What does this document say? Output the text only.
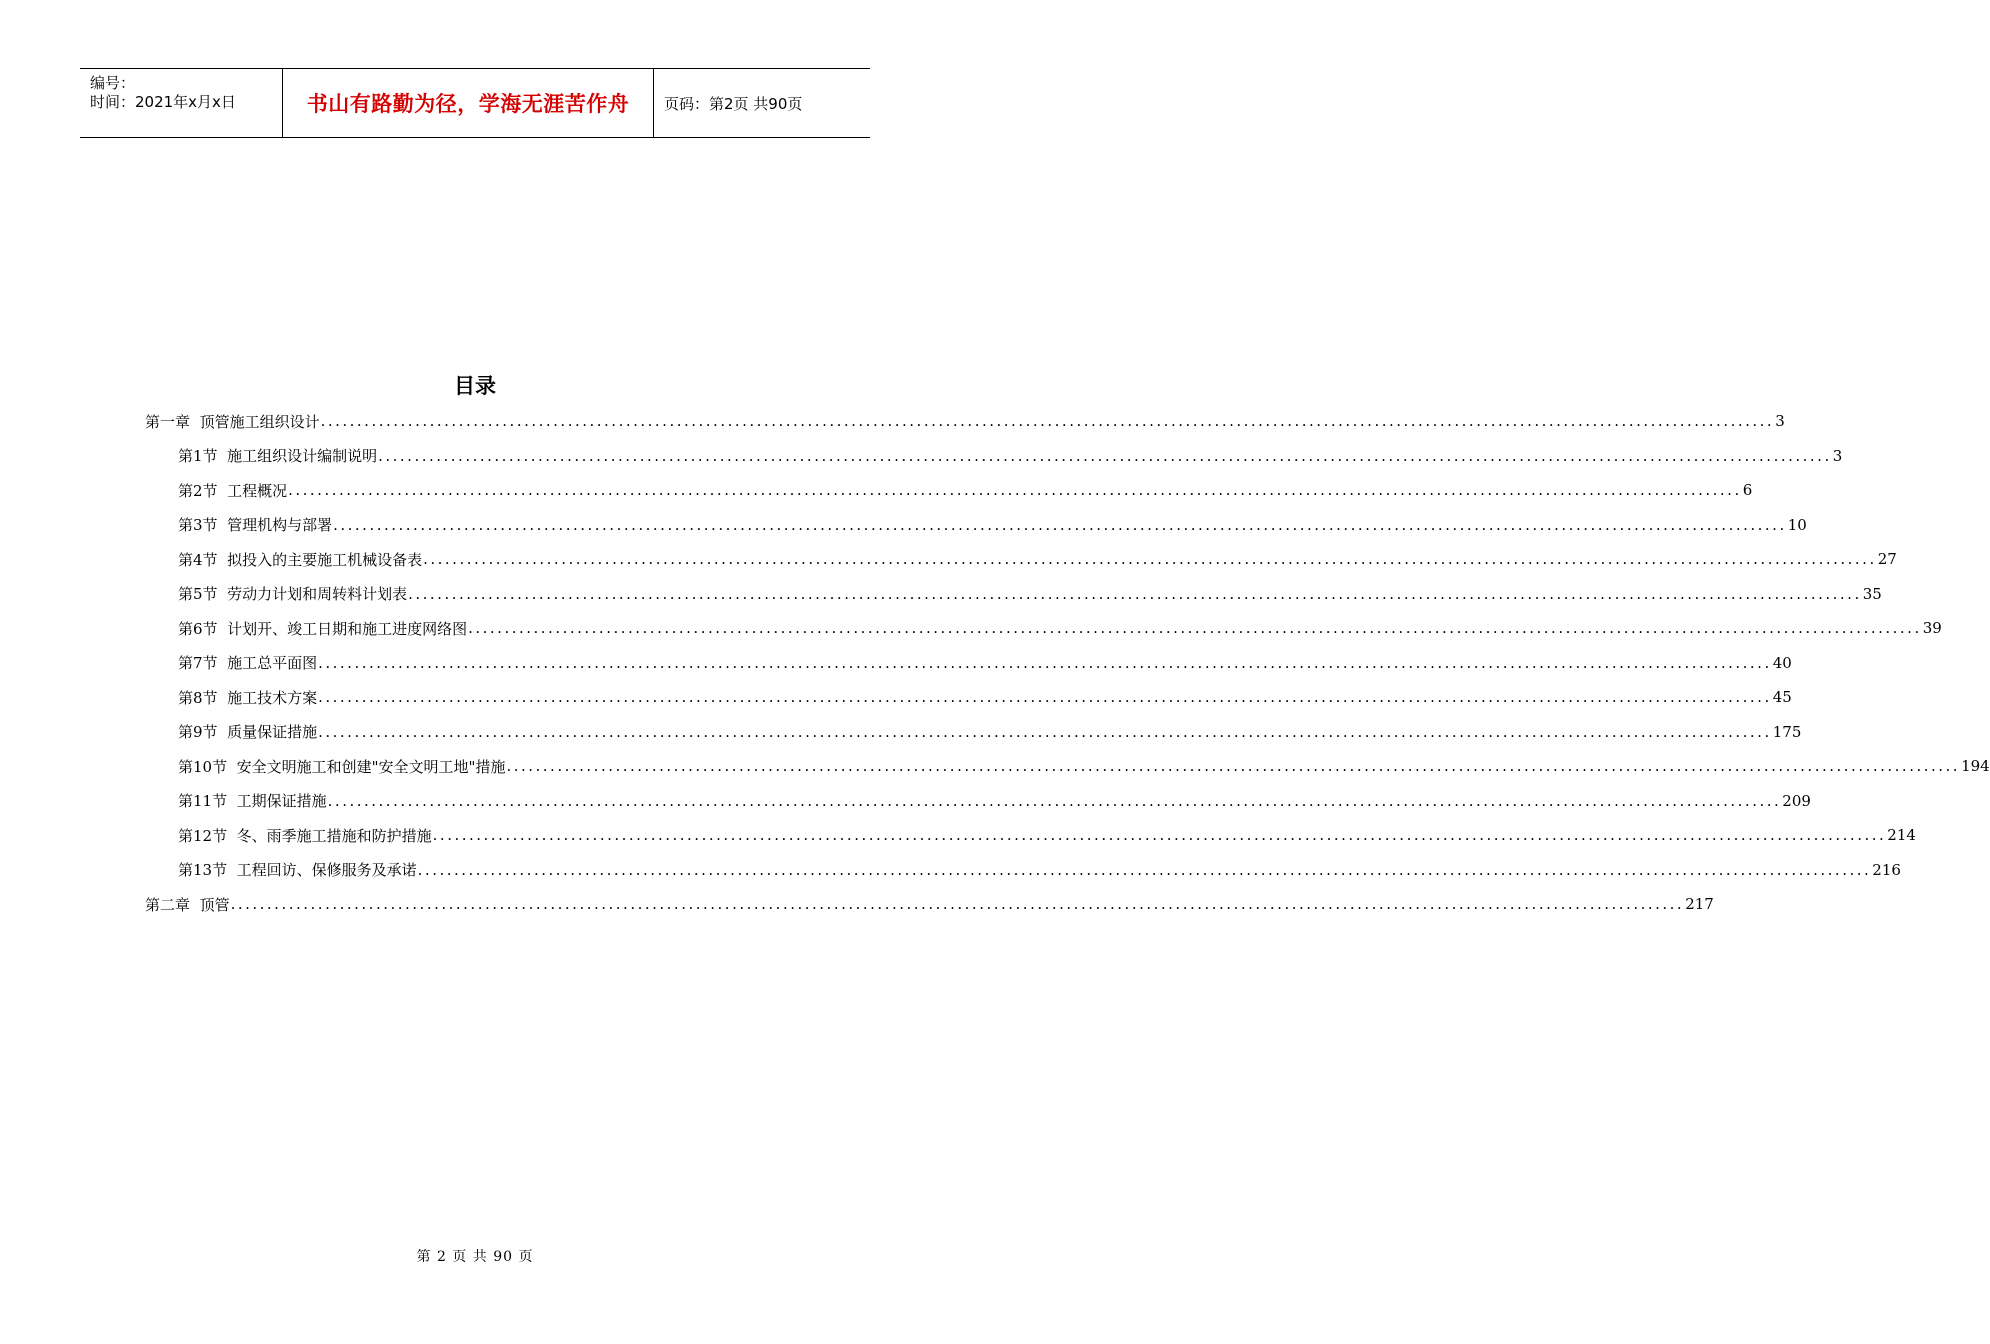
编号：
时间：2021年x月x日	书山有路勤为径，学海无涯苦作舟 页码：第2页 共90页
目录
第一章
顶管施工组织设计 ........................................................................................................................................................................................................ 3
第1节
施工组织设计编制说明 ........................................................................................................................................................................................................ 3
第2节
工程概况 ........................................................................................................................................................................................................ 6
第3节
管理机构与部署 ........................................................................................................................................................................................................ 10
第4节
拟投入的主要施工机械设备表 ........................................................................................................................................................................................................ 27
第5节
劳动力计划和周转料计划表 ........................................................................................................................................................................................................ 35
第6节
计划开、竣工日期和施工进度网络图 ........................................................................................................................................................................................................ 39
第7节
施工总平面图 ........................................................................................................................................................................................................ 40
第8节
施工技术方案 ........................................................................................................................................................................................................ 45
第9节
质量保证措施 ........................................................................................................................................................................................................ 175
第10节
安全文明施工和创建"安全文明工地"措施 ........................................................................................................................................................................................................ 194
第11节
工期保证措施 ........................................................................................................................................................................................................ 209
第12节
冬、雨季施工措施和防护措施 ........................................................................................................................................................................................................ 214
第13节
工程回访、保修服务及承诺 ........................................................................................................................................................................................................ 216
第二章
顶管 ........................................................................................................................................................................................................ 217
第 2 页 共 90 页
